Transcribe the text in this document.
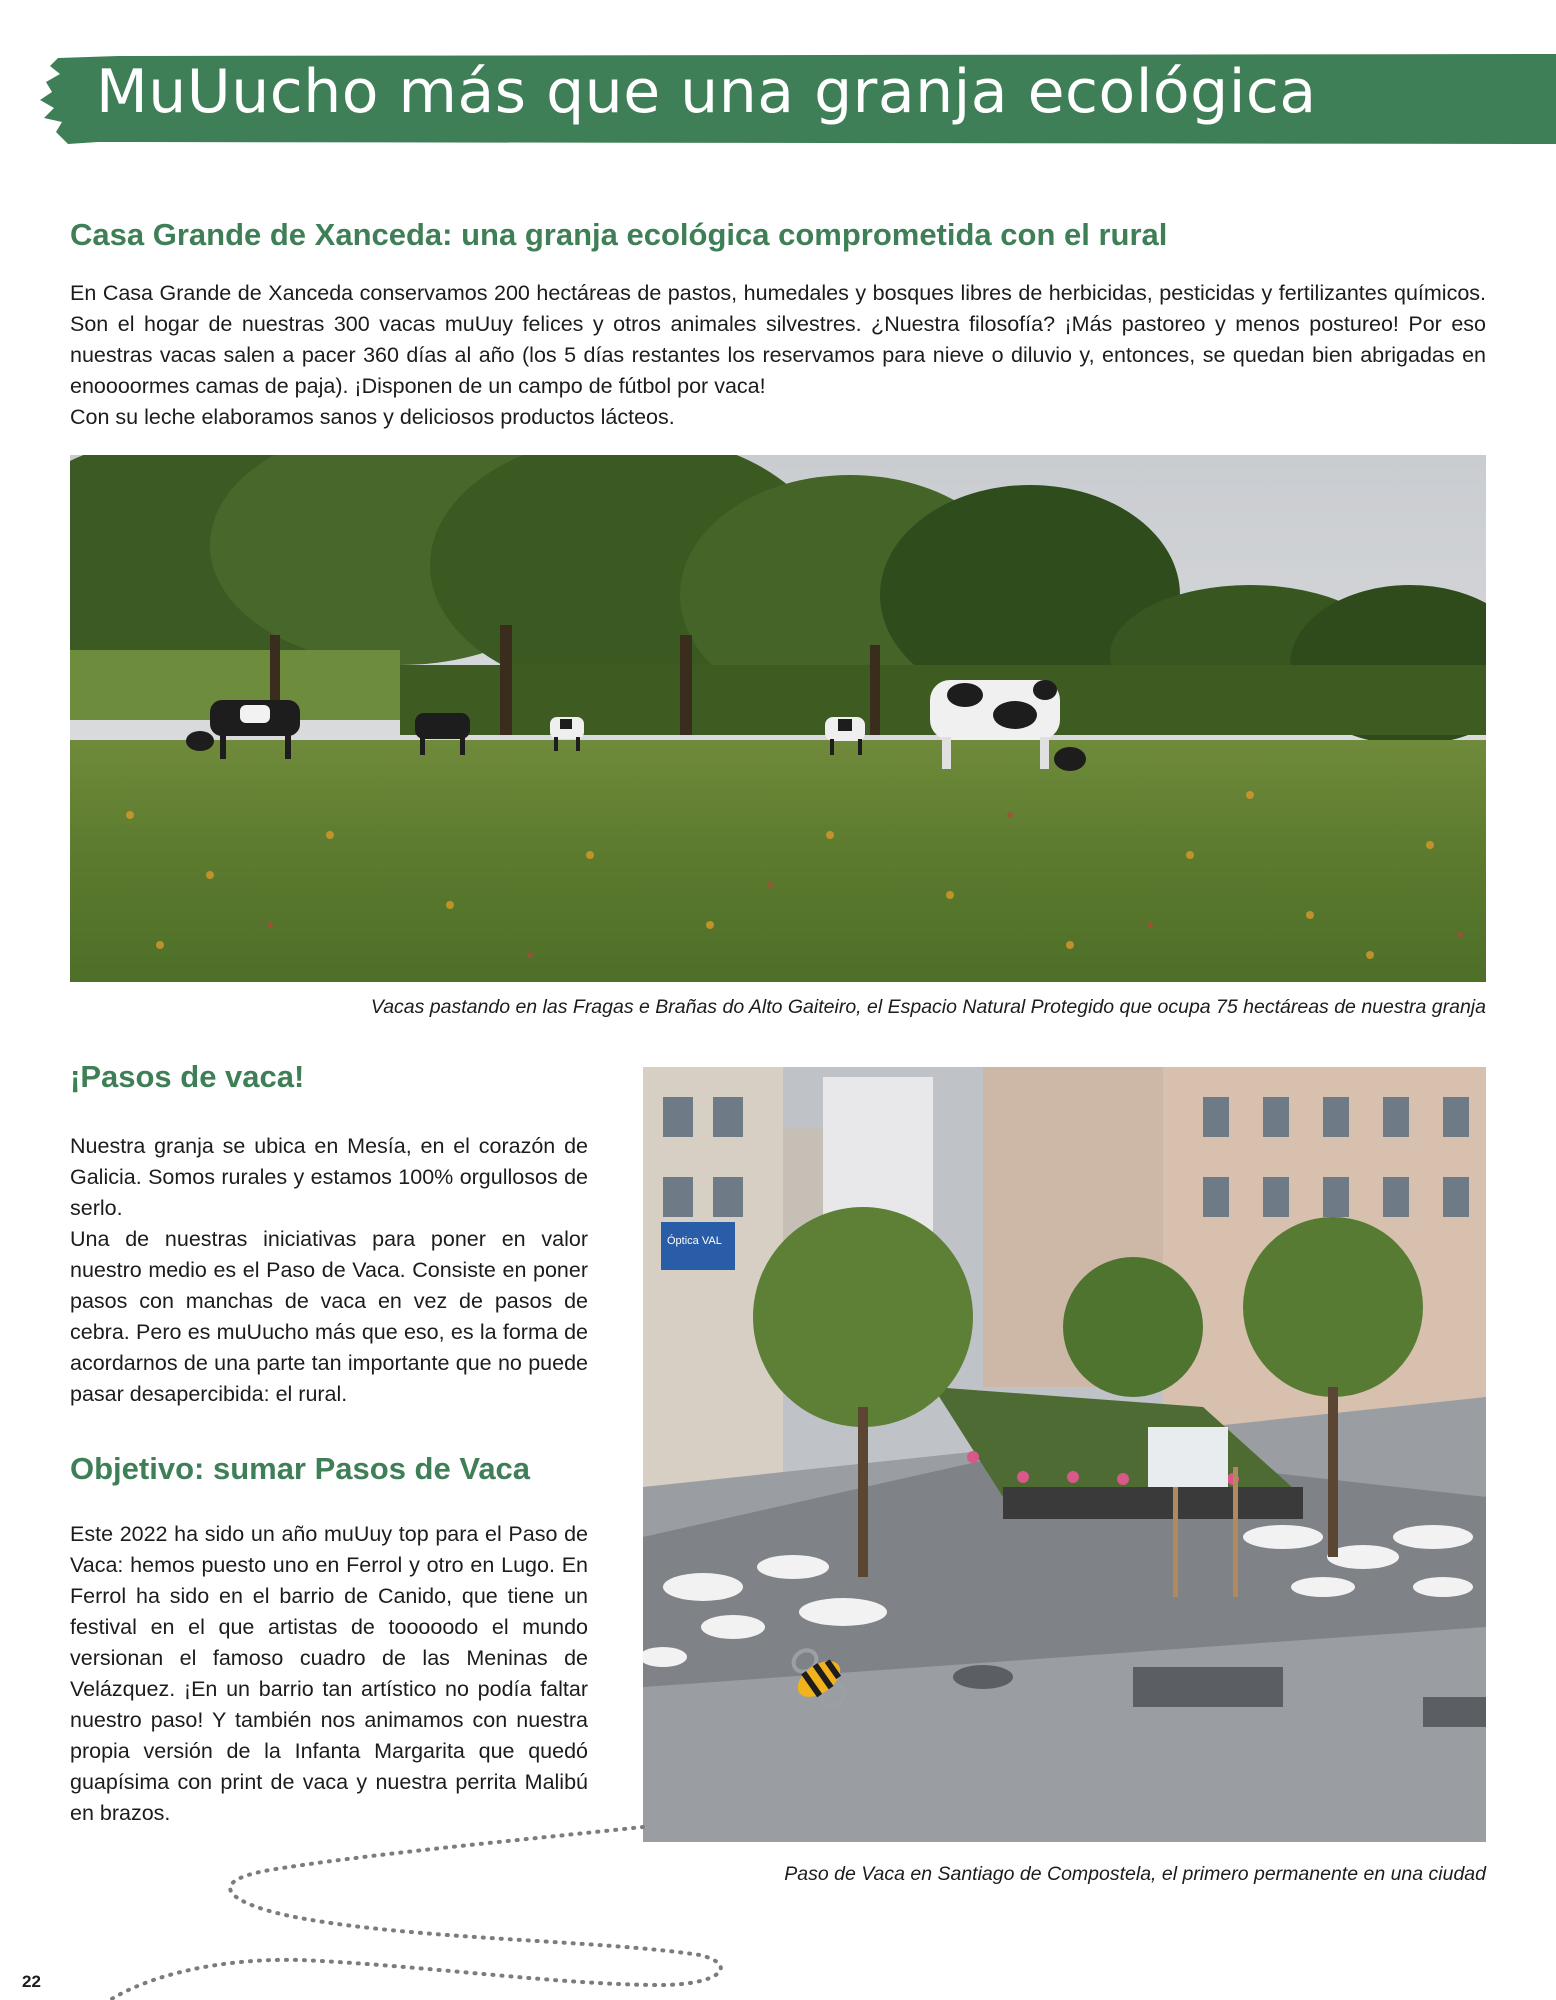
MuUucho más que una granja ecológica
Casa Grande de Xanceda: una granja ecológica comprometida con el rural
En Casa Grande de Xanceda conservamos 200 hectáreas de pastos, humedales y bosques libres de herbicidas, pesticidas y fertilizantes químicos. Son el hogar de nuestras 300 vacas muUuy felices y otros animales silvestres. ¿Nuestra filosofía? ¡Más pastoreo y menos postureo! Por eso nuestras vacas salen a pacer 360 días al año (los 5 días restantes los reservamos para nieve o diluvio y, entonces, se quedan bien abrigadas en enoooormes camas de paja). ¡Disponen de un campo de fútbol por vaca!
Con su leche elaboramos sanos y deliciosos productos lácteos.

Vacas pastando en las Fragas e Brañas do Alto Gaiteiro, el Espacio Natural Protegido que ocupa 75 hectáreas de nuestra granja

¡Pasos de vaca!
Nuestra granja se ubica en Mesía, en el corazón de Galicia. Somos rurales y estamos 100% orgullosos de serlo.
Una de nuestras iniciativas para poner en valor nuestro medio es el Paso de Vaca. Consiste en poner pasos con manchas de vaca en vez de pasos de cebra. Pero es muUucho más que eso, es la forma de acordarnos de una parte tan importante que no puede pasar desapercibida: el rural.
Objetivo: sumar Pasos de Vaca
Este 2022 ha sido un año muUuy top para el Paso de Vaca: hemos puesto uno en Ferrol y otro en Lugo. En Ferrol ha sido en el barrio de Canido, que tiene un festival en el que artistas de tooooodo el mundo versionan el famoso cuadro de las Meninas de Velázquez. ¡En un barrio tan artístico no podía faltar nuestro paso! Y también nos animamos con nuestra propia versión de la Infanta Margarita que quedó guapísima con print de vaca y nuestra perrita Malibú en brazos.
Óptica VAL

Paso de Vaca en Santiago de Compostela, el primero permanente en una ciudad

22
